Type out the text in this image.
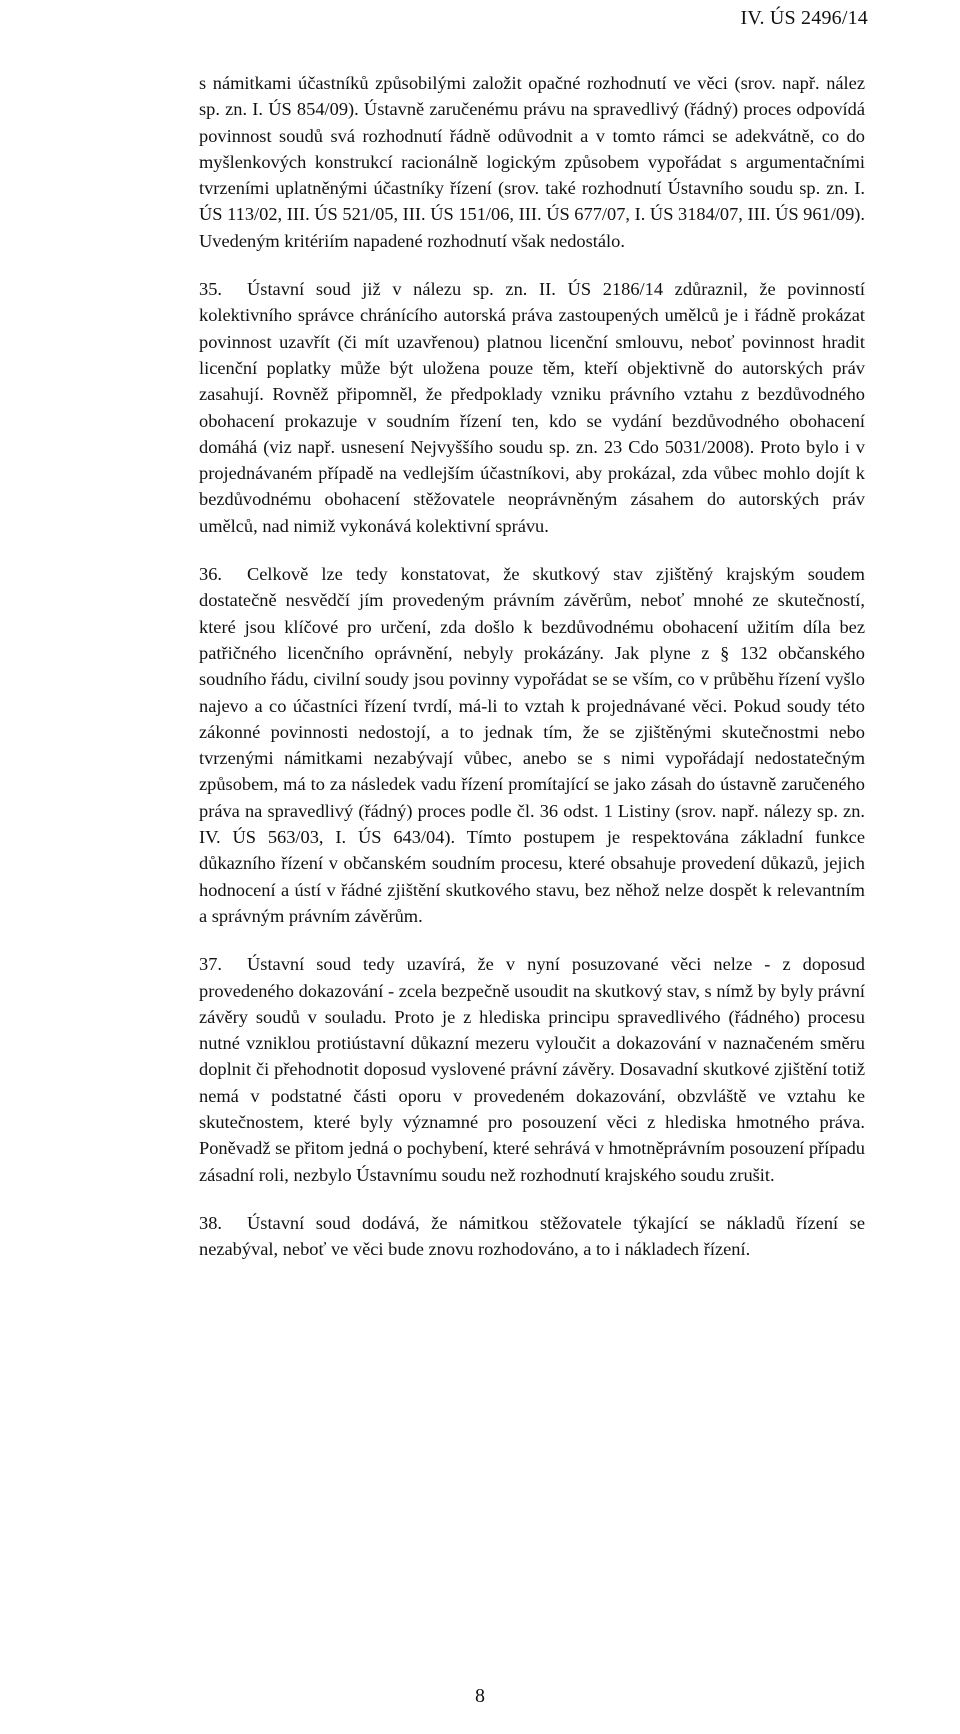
IV. ÚS 2496/14

s námitkami účastníků způsobilými založit opačné rozhodnutí ve věci (srov. např. nález sp. zn. I. ÚS 854/09). Ústavně zaručenému právu na spravedlivý (řádný) proces odpovídá povinnost soudů svá rozhodnutí řádně odůvodnit a v tomto rámci se adekvátně, co do myšlenkových konstrukcí racionálně logickým způsobem vypořádat s argumentačními tvrzeními uplatněnými účastníky řízení (srov. také rozhodnutí Ústavního soudu sp. zn. I. ÚS 113/02, III. ÚS 521/05, III. ÚS 151/06, III. ÚS 677/07, I. ÚS 3184/07, III. ÚS 961/09). Uvedeným kritériím napadené rozhodnutí však nedostálo.

35. Ústavní soud již v nálezu sp. zn. II. ÚS 2186/14 zdůraznil, že povinností kolektivního správce chránícího autorská práva zastoupených umělců je i řádně prokázat povinnost uzavřít (či mít uzavřenou) platnou licenční smlouvu, neboť povinnost hradit licenční poplatky může být uložena pouze těm, kteří objektivně do autorských práv zasahují. Rovněž připomněl, že předpoklady vzniku právního vztahu z bezdůvodného obohacení prokazuje v soudním řízení ten, kdo se vydání bezdůvodného obohacení domáhá (viz např. usnesení Nejvyššího soudu sp. zn. 23 Cdo 5031/2008). Proto bylo i v projednávaném případě na vedlejším účastníkovi, aby prokázal, zda vůbec mohlo dojít k bezdůvodnému obohacení stěžovatele neoprávněným zásahem do autorských práv umělců, nad nimiž vykonává kolektivní správu.

36. Celkově lze tedy konstatovat, že skutkový stav zjištěný krajským soudem dostatečně nesvědčí jím provedeným právním závěrům, neboť mnohé ze skutečností, které jsou klíčové pro určení, zda došlo k bezdůvodnému obohacení užitím díla bez patřičného licenčního oprávnění, nebyly prokázány. Jak plyne z § 132 občanského soudního řádu, civilní soudy jsou povinny vypořádat se se vším, co v průběhu řízení vyšlo najevo a co účastníci řízení tvrdí, má-li to vztah k projednávané věci. Pokud soudy této zákonné povinnosti nedostojí, a to jednak tím, že se zjištěnými skutečnostmi nebo tvrzenými námitkami nezabývají vůbec, anebo se s nimi vypořádají nedostatečným způsobem, má to za následek vadu řízení promítající se jako zásah do ústavně zaručeného práva na spravedlivý (řádný) proces podle čl. 36 odst. 1 Listiny (srov. např. nálezy sp. zn. IV. ÚS 563/03, I. ÚS 643/04). Tímto postupem je respektována základní funkce důkazního řízení v občanském soudním procesu, které obsahuje provedení důkazů, jejich hodnocení a ústí v řádné zjištění skutkového stavu, bez něhož nelze dospět k relevantním a správným právním závěrům.

37. Ústavní soud tedy uzavírá, že v nyní posuzované věci nelze - z doposud provedeného dokazování - zcela bezpečně usoudit na skutkový stav, s nímž by byly právní závěry soudů v souladu. Proto je z hlediska principu spravedlivého (řádného) procesu nutné vzniklou protiústavní důkazní mezeru vyloučit a dokazování v naznačeném směru doplnit či přehodnotit doposud vyslovené právní závěry. Dosavadní skutkové zjištění totiž nemá v podstatné části oporu v provedeném dokazování, obzvláště ve vztahu ke skutečnostem, které byly významné pro posouzení věci z hlediska hmotného práva. Poněvadž se přitom jedná o pochybení, které sehrává v hmotněprávním posouzení případu zásadní roli, nezbylo Ústavnímu soudu než rozhodnutí krajského soudu zrušit.

38. Ústavní soud dodává, že námitkou stěžovatele týkající se nákladů řízení se nezabýval, neboť ve věci bude znovu rozhodováno, a to i nákladech řízení.

8
